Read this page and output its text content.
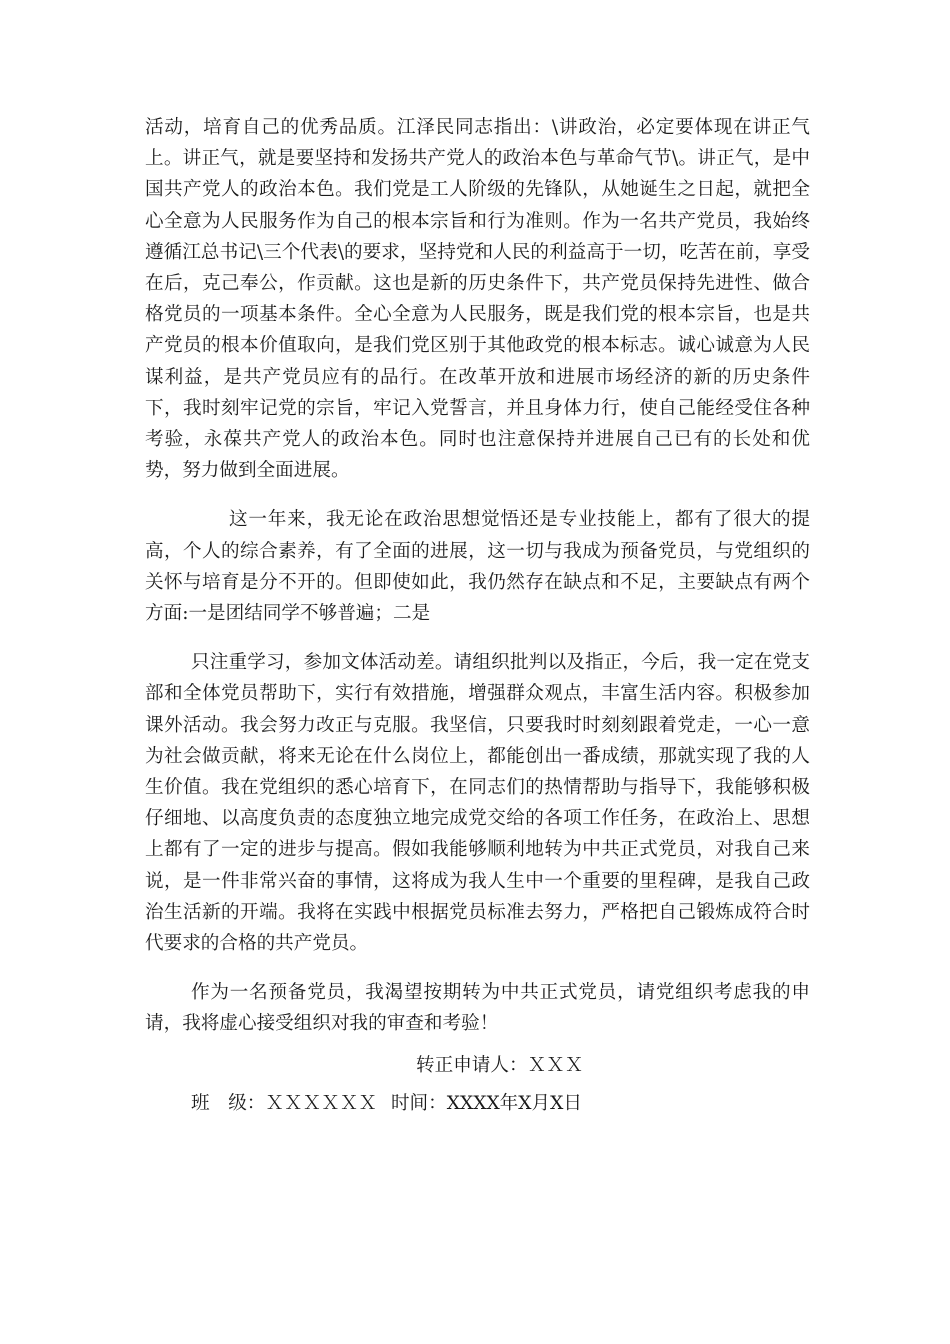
活动，培育自己的优秀品质。江泽民同志指出：\讲政治，必定要体现在讲正气上。讲正气，就是要坚持和发扬共产党人的政治本色与革命气节\。讲正气，是中国共产党人的政治本色。我们党是工人阶级的先锋队，从她诞生之日起，就把全心全意为人民服务作为自己的根本宗旨和行为准则。作为一名共产党员，我始终遵循江总书记\三个代表\的要求，坚持党和人民的利益高于一切，吃苦在前，享受在后，克己奉公，作贡献。这也是新的历史条件下，共产党员保持先进性、做合格党员的一项基本条件。全心全意为人民服务，既是我们党的根本宗旨，也是共产党员的根本价值取向，是我们党区别于其他政党的根本标志。诚心诚意为人民谋利益，是共产党员应有的品行。在改革开放和进展市场经济的新的历史条件下，我时刻牢记党的宗旨，牢记入党誓言，并且身体力行，使自己能经受住各种考验，永葆共产党人的政治本色。同时也注意保持并进展自己已有的长处和优势，努力做到全面进展。

这一年来，我无论在政治思想觉悟还是专业技能上，都有了很大的提高，个人的综合素养，有了全面的进展，这一切与我成为预备党员，与党组织的关怀与培育是分不开的。但即使如此，我仍然存在缺点和不足，主要缺点有两个方面:一是团结同学不够普遍；二是

只注重学习，参加文体活动差。请组织批判以及指正，今后，我一定在党支部和全体党员帮助下，实行有效措施，增强群众观点，丰富生活内容。积极参加课外活动。我会努力改正与克服。我坚信，只要我时时刻刻跟着党走，一心一意为社会做贡献，将来无论在什么岗位上，都能创出一番成绩，那就实现了我的人生价值。我在党组织的悉心培育下，在同志们的热情帮助与指导下，我能够积极仔细地、以高度负责的态度独立地完成党交给的各项工作任务，在政治上、思想上都有了一定的进步与提高。假如我能够顺利地转为中共正式党员，对我自己来说，是一件非常兴奋的事情，这将成为我人生中一个重要的里程碑，是我自己政治生活新的开端。我将在实践中根据党员标准去努力，严格把自己锻炼成符合时代要求的合格的共产党员。

作为一名预备党员，我渴望按期转为中共正式党员，请党组织考虑我的申请，我将虚心接受组织对我的审查和考验！

转正申请人：ＸＸＸ
班　级：ＸＸＸＸＸＸ 时间：XXXX年X月X日
